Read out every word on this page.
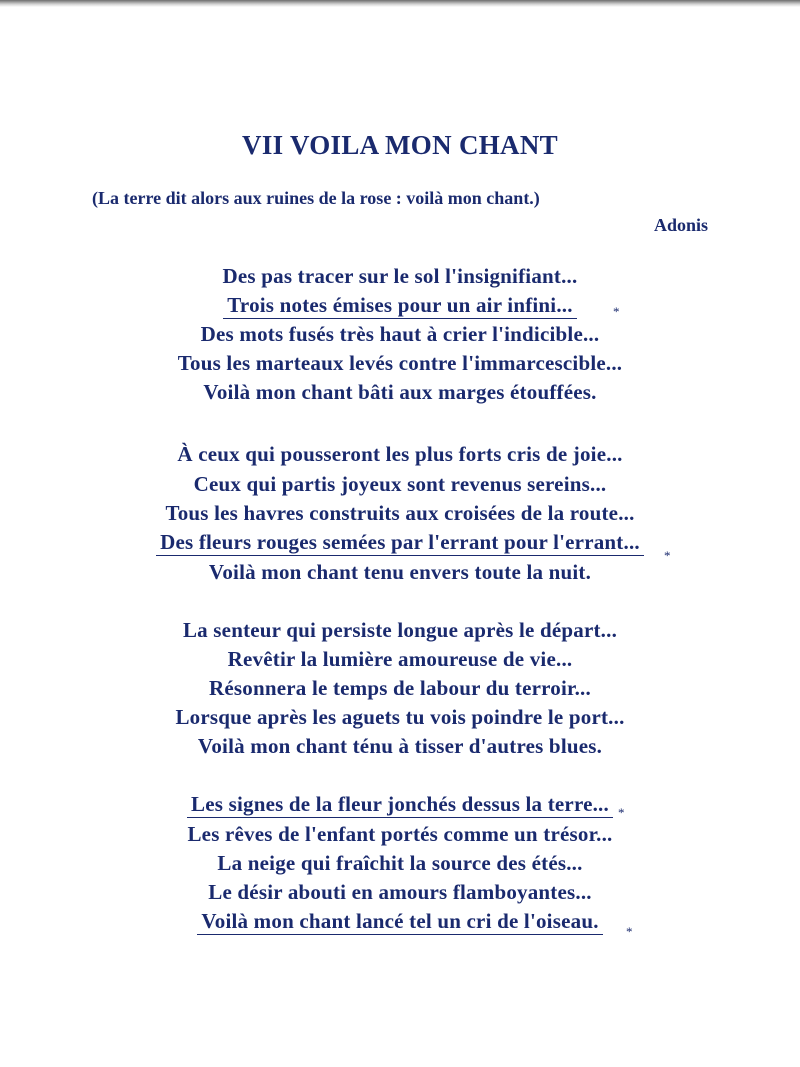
VII VOILA MON CHANT
(La terre dit alors aux ruines de la rose : voilà mon chant.)
Adonis
Des pas tracer sur le sol l'insignifiant...
Trois notes émises pour un air infini...
Des mots fusés très haut à crier l'indicible...
Tous les marteaux levés contre l'immarcescible...
Voilà mon chant bâti aux marges étouffées.
*
À ceux qui pousseront les plus forts cris de joie...
Ceux qui partis joyeux sont revenus sereins...
Tous les havres construits aux croisées de la route...
Des fleurs rouges semées par l'errant pour l'errant...
Voilà mon chant tenu envers toute la nuit.
*
La senteur qui persiste longue après le départ...
Revêtir la lumière amoureuse de vie...
Résonnera le temps de labour du terroir...
Lorsque après les aguets tu vois poindre le port...
Voilà mon chant ténu à tisser d'autres blues.
Les signes de la fleur jonchés dessus la terre...
Les rêves de l'enfant portés comme un trésor...
La neige qui fraîchit la source des étés...
Le désir abouti en amours flamboyantes...
Voilà mon chant lancé tel un cri de l'oiseau.
*
*
